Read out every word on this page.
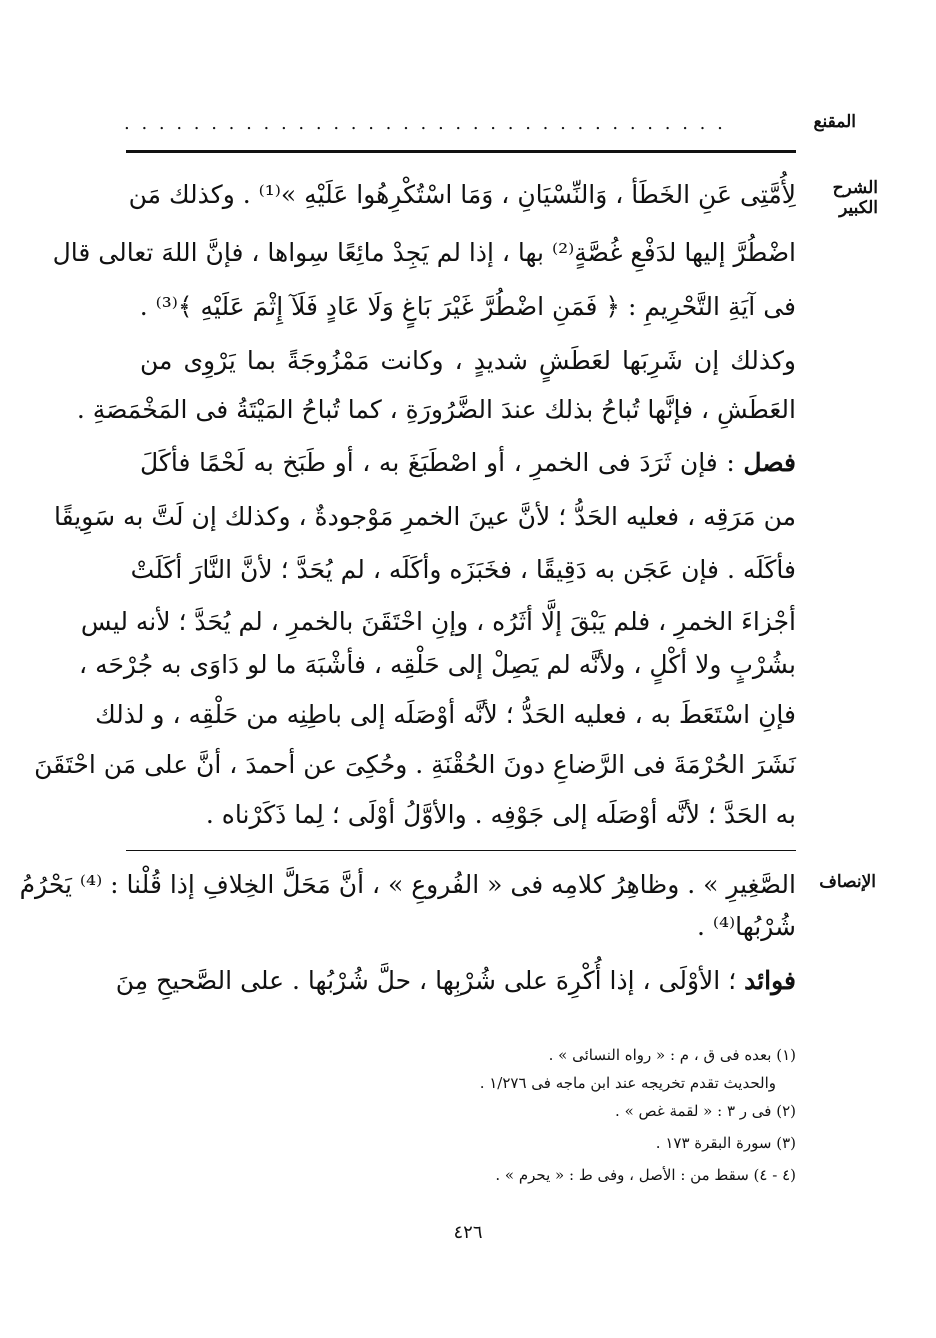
المقنع
. . . . . . . . . . . . . . . . . . . . . . . . . . . . . . . . . . .
الشرح الكبير
لِأُمَّتِى عَنِ الخَطَأ ، وَالنِّسْيَانِ ، وَمَا اسْتُكْرِهُوا عَلَيْهِ »⁽¹⁾ . وكذلك مَن
اضْطُرَّ إليها لدَفْعِ غُصَّةٍ⁽²⁾ بها ، إذا لم يَجِدْ مائِعًا سِواها ، فإنَّ اللهَ تعالى قال
فى آيَةِ التَّحْرِيمِ : ﴿ فَمَنِ اضْطُرَّ غَيْرَ بَاغٍ وَلَا عَادٍ فَلَآ إِثْمَ عَلَيْهِ ﴾⁽³⁾ .
وكذلك إن شَرِبَها لعَطَشٍ شديدٍ ، وكانت مَمْزُوجَةً بما يَرْوِى من
العَطَشِ ، فإنَّها تُباحُ بذلك عندَ الضَّرُورَةِ ، كما تُباحُ المَيْتَةُ فى المَخْمَصَةِ .
فصل : فإن ثَرَدَ فى الخمرِ ، أو اصْطَبَغَ به ، أو طَبَخ به لَحْمًا فأكَلَ
من مَرَقِه ، فعليه الحَدُّ ؛ لأنَّ عينَ الخمرِ مَوْجودةٌ ، وكذلك إن لَتَّ به سَوِيقًا
فأكَلَه . فإن عَجَن به دَقِيقًا ، فخَبَزَه وأكَلَه ، لم يُحَدَّ ؛ لأنَّ النَّارَ أكَلَتْ
أجْزاءَ الخمرِ ، فلم يَبْقَ إلَّا أثَرُه ، وإنِ احْتَقَنَ بالخمرِ ، لم يُحَدَّ ؛ لأنه ليس
بشُرْبٍ ولا أكْلٍ ، ولأنَّه لم يَصِلْ إلى حَلْقِه ، فأشْبَهَ ما لو دَاوَى به جُرْحَه ،
فإنِ اسْتَعَطَ به ، فعليه الحَدُّ ؛ لأنَّه أوْصَلَه إلى باطِنِه من حَلْقِه ، و لذلك
نَشَرَ الحُرْمَةَ فى الرَّضاعِ دونَ الحُقْنَةِ . وحُكِىَ عن أحمدَ ، أنَّ على مَن احْتَقَنَ
به الحَدَّ ؛ لأنَّه أوْصَلَه إلى جَوْفِه . والأوَّلُ أوْلَى ؛ لِما ذَكَرْناه .
الإنصاف
الصَّغِيرِ » . وظاهِرُ كلامِه فى « الفُروعِ » ، أنَّ مَحَلَّ الخِلافِ إذا قُلْنا : ⁽⁴⁾ يَحْرُمُ
شُرْبُها⁽⁴⁾ .
فوائد ؛ الأوْلَى ، إذا أُكْرِهَ على شُرْبِها ، حلَّ شُرْبُها . على الصَّحيحِ مِنَ
(١) بعده فى ق ، م : « رواه النسائى » .
والحديث تقدم تخريجه عند ابن ماجه فى ١/٢٧٦ .
(٢) فى ر ٣ : « لقمة غص » .
(٣) سورة البقرة ١٧٣ .
(٤ - ٤) سقط من : الأصل ، وفى ط : « يحرم » .
٤٢٦
